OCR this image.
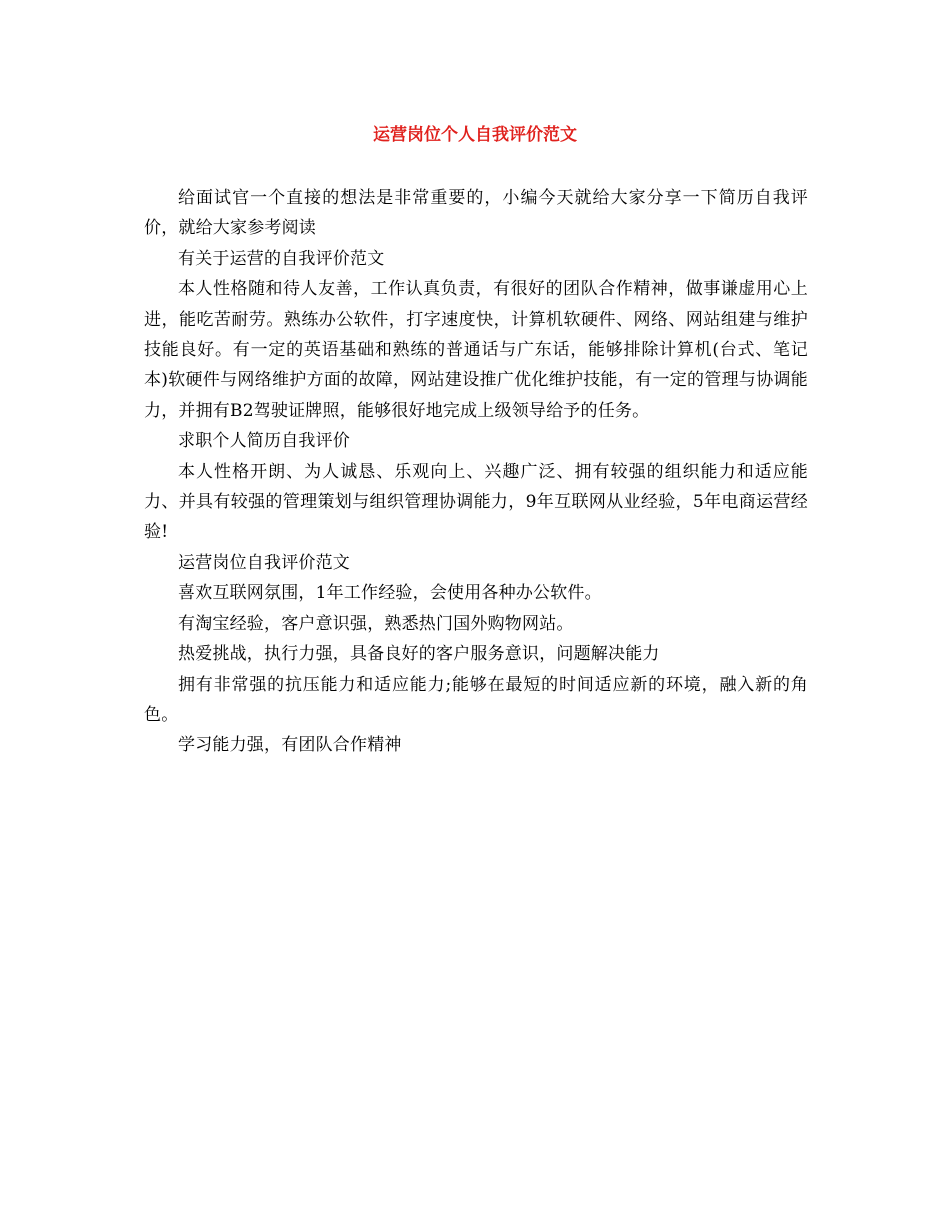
运营岗位个人自我评价范文

给面试官一个直接的想法是非常重要的，小编今天就给大家分享一下简历自我评价，就给大家参考阅读

有关于运营的自我评价范文

本人性格随和待人友善，工作认真负责，有很好的团队合作精神，做事谦虚用心上进，能吃苦耐劳。熟练办公软件，打字速度快，计算机软硬件、网络、网站组建与维护技能良好。有一定的英语基础和熟练的普通话与广东话，能够排除计算机(台式、笔记本)软硬件与网络维护方面的故障，网站建设推广优化维护技能，有一定的管理与协调能力，并拥有B2驾驶证牌照，能够很好地完成上级领导给予的任务。

求职个人简历自我评价

本人性格开朗、为人诚恳、乐观向上、兴趣广泛、拥有较强的组织能力和适应能力、并具有较强的管理策划与组织管理协调能力，9年互联网从业经验，5年电商运营经验!

运营岗位自我评价范文

喜欢互联网氛围，1年工作经验，会使用各种办公软件。

有淘宝经验，客户意识强，熟悉热门国外购物网站。

热爱挑战，执行力强，具备良好的客户服务意识，问题解决能力

拥有非常强的抗压能力和适应能力;能够在最短的时间适应新的环境，融入新的角色。

学习能力强，有团队合作精神
